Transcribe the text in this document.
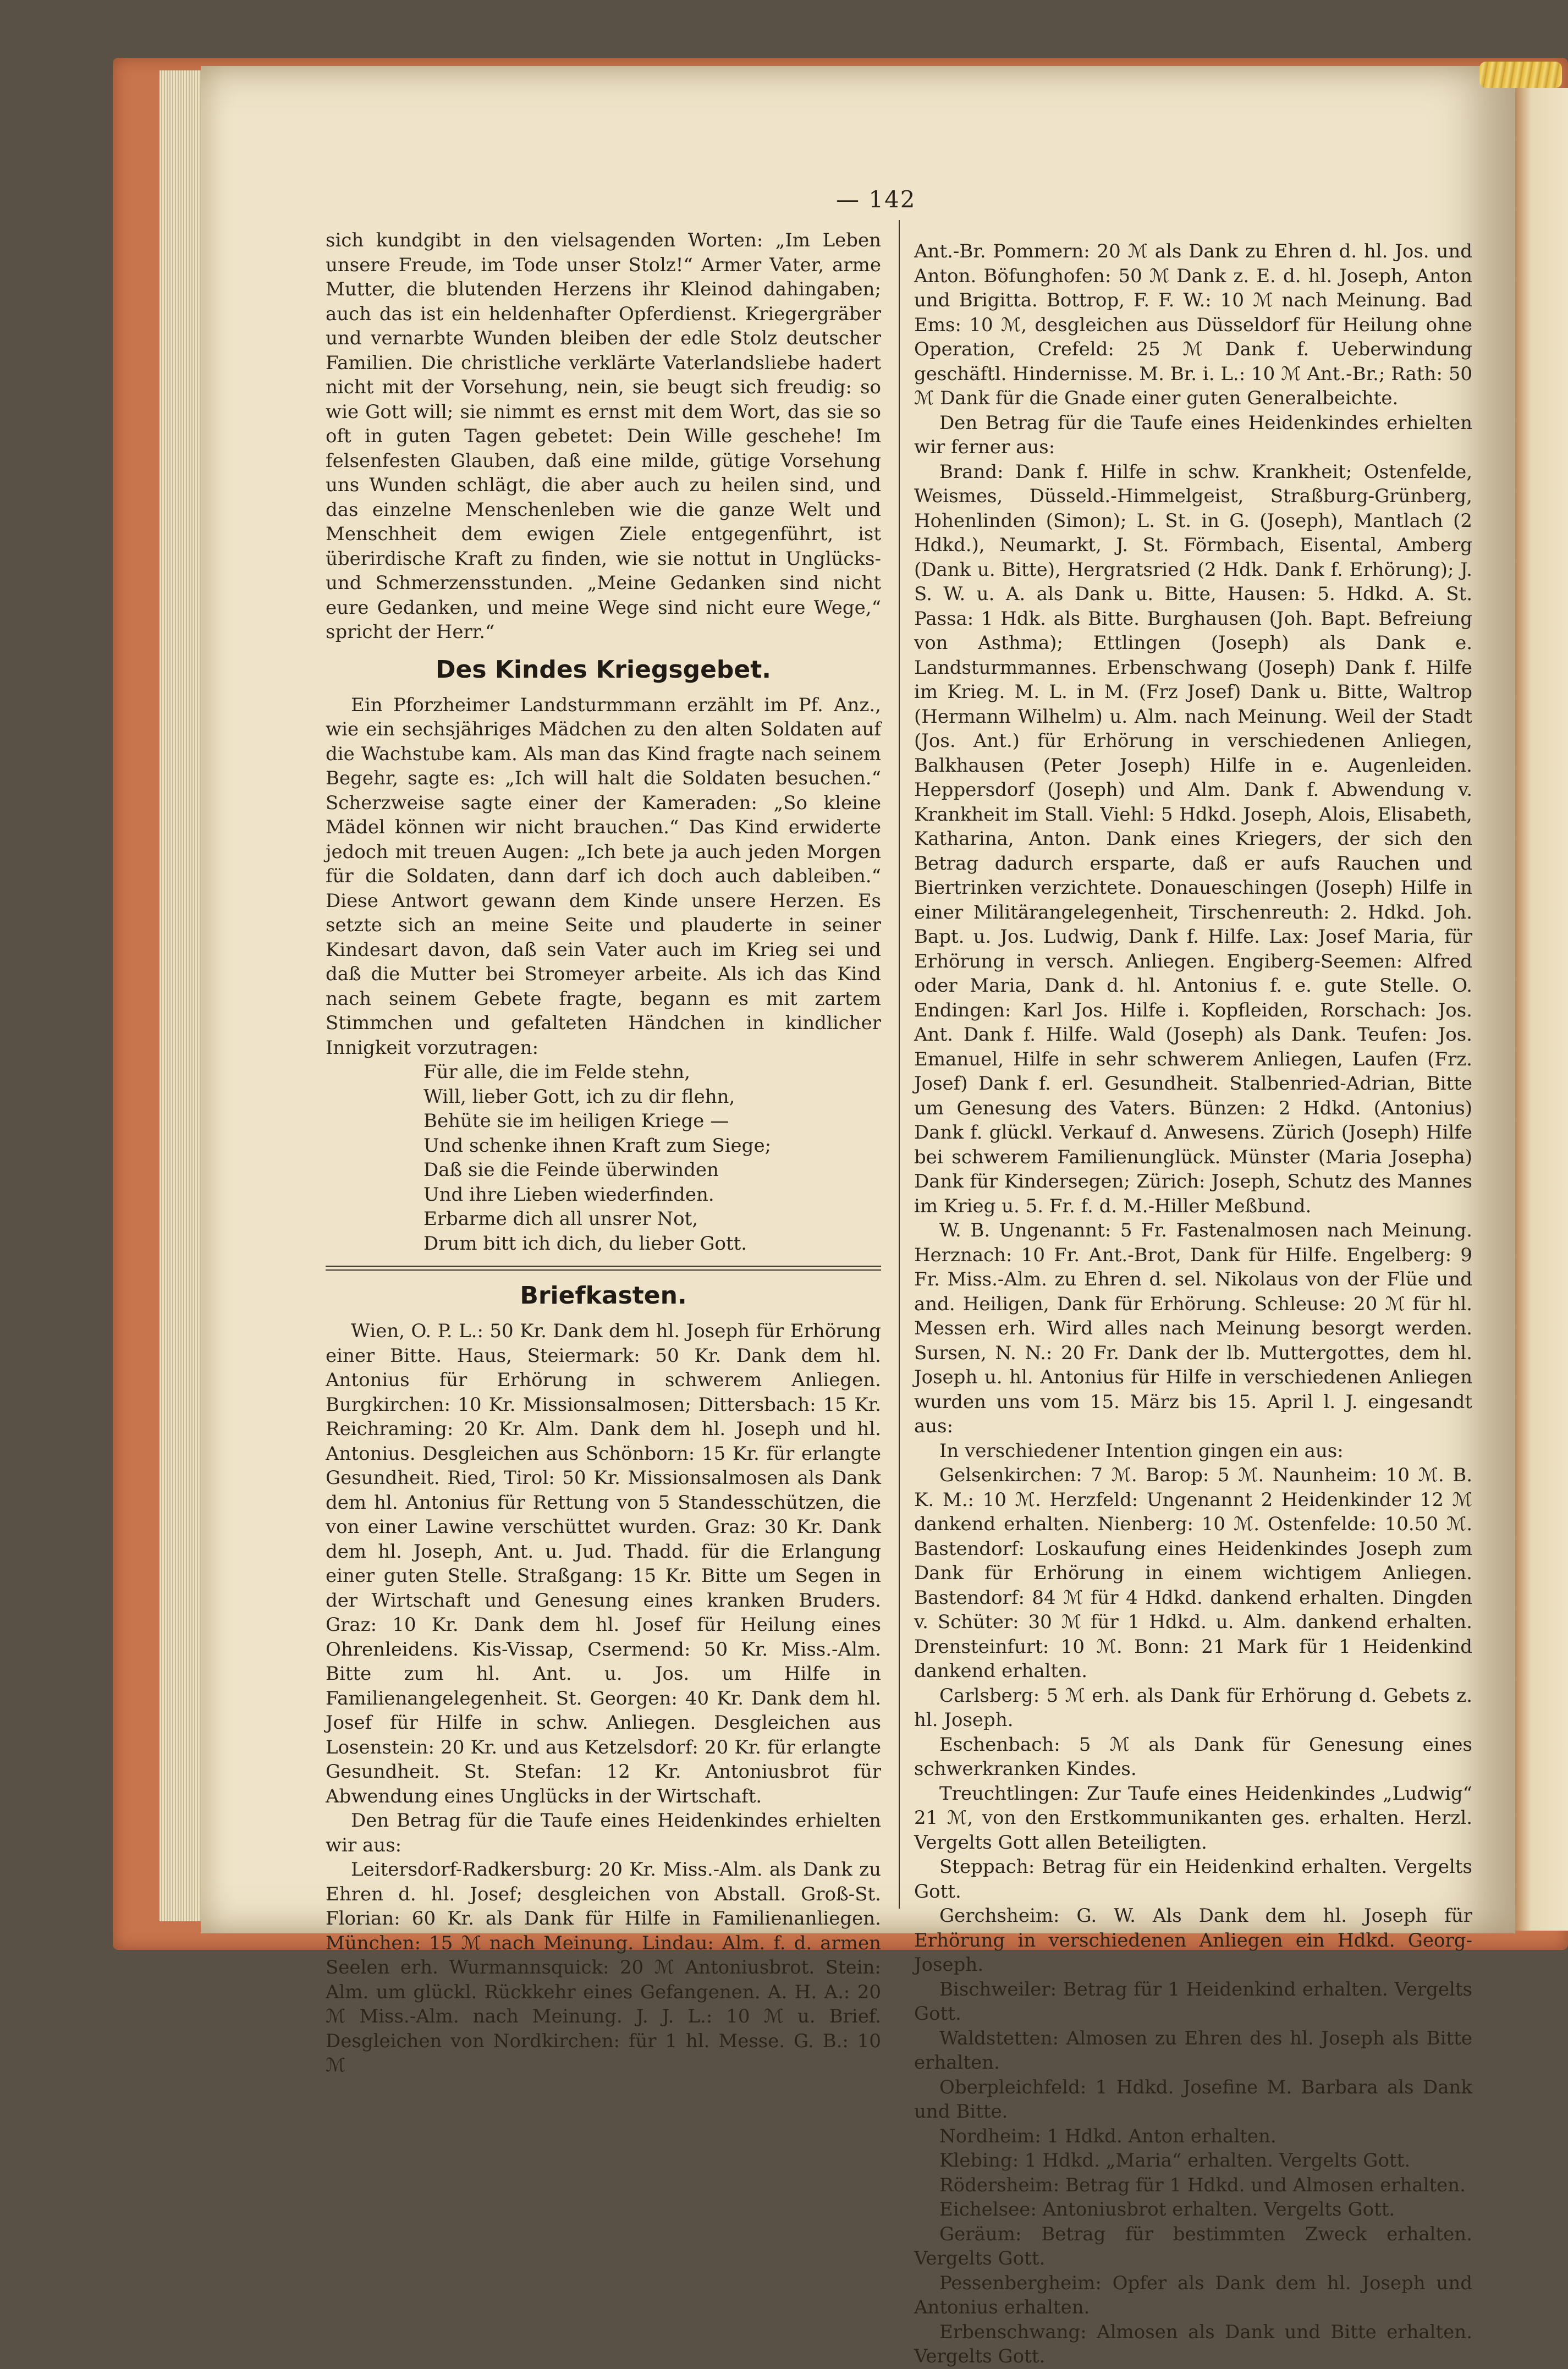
— 142

sich kundgibt in den vielsagenden Worten: „Im Leben unsere Freude, im Tode unser Stolz!“ Armer Vater, arme Mutter, die blutenden Herzens ihr Kleinod dahingaben; auch das ist ein heldenhafter Opferdienst. Kriegergräber und vernarbte Wunden bleiben der edle Stolz deutscher Familien. Die christliche verklärte Vaterlandsliebe hadert nicht mit der Vorsehung, nein, sie beugt sich freudig: so wie Gott will; sie nimmt es ernst mit dem Wort, das sie so oft in guten Tagen gebetet: Dein Wille geschehe! Im felsenfesten Glauben, daß eine milde, gütige Vorsehung uns Wunden schlägt, die aber auch zu heilen sind, und das einzelne Menschenleben wie die ganze Welt und Menschheit dem ewigen Ziele entgegenführt, ist überirdische Kraft zu finden, wie sie nottut in Unglücks- und Schmerzensstunden. „Meine Gedanken sind nicht eure Gedanken, und meine Wege sind nicht eure Wege,“ spricht der Herr.“

Des Kindes Kriegsgebet.

Ein Pforzheimer Landsturmmann erzählt im Pf. Anz., wie ein sechsjähriges Mädchen zu den alten Soldaten auf die Wachstube kam. Als man das Kind fragte nach seinem Begehr, sagte es: „Ich will halt die Soldaten besuchen.“ Scherzweise sagte einer der Kameraden: „So kleine Mädel können wir nicht brauchen.“ Das Kind erwiderte jedoch mit treuen Augen: „Ich bete ja auch jeden Morgen für die Soldaten, dann darf ich doch auch dableiben.“ Diese Antwort gewann dem Kinde unsere Herzen. Es setzte sich an meine Seite und plauderte in seiner Kindesart davon, daß sein Vater auch im Krieg sei und daß die Mutter bei Stromeyer arbeite. Als ich das Kind nach seinem Gebete fragte, begann es mit zartem Stimmchen und gefalteten Händchen in kindlicher Innigkeit vorzutragen:

Für alle, die im Felde stehn,
Will, lieber Gott, ich zu dir flehn,
Behüte sie im heiligen Kriege —
Und schenke ihnen Kraft zum Siege;
Daß sie die Feinde überwinden
Und ihre Lieben wiederfinden.
Erbarme dich all unsrer Not,
Drum bitt ich dich, du lieber Gott.
Briefkasten.

Wien, O. P. L.: 50 Kr. Dank dem hl. Joseph für Erhörung einer Bitte. Haus, Steiermark: 50 Kr. Dank dem hl. Antonius für Erhörung in schwerem Anliegen. Burgkirchen: 10 Kr. Missionsalmosen; Dittersbach: 15 Kr. Reichraming: 20 Kr. Alm. Dank dem hl. Joseph und hl. Antonius. Desgleichen aus Schönborn: 15 Kr. für erlangte Gesundheit. Ried, Tirol: 50 Kr. Missionsalmosen als Dank dem hl. Antonius für Rettung von 5 Standesschützen, die von einer Lawine verschüttet wurden. Graz: 30 Kr. Dank dem hl. Joseph, Ant. u. Jud. Thadd. für die Erlangung einer guten Stelle. Straßgang: 15 Kr. Bitte um Segen in der Wirtschaft und Genesung eines kranken Bruders. Graz: 10 Kr. Dank dem hl. Josef für Heilung eines Ohrenleidens. Kis-Vissap, Csermend: 50 Kr. Miss.-Alm. Bitte zum hl. Ant. u. Jos. um Hilfe in Familienangelegenheit. St. Georgen: 40 Kr. Dank dem hl. Josef für Hilfe in schw. Anliegen. Desgleichen aus Losenstein: 20 Kr. und aus Ketzelsdorf: 20 Kr. für erlangte Gesundheit. St. Stefan: 12 Kr. Antoniusbrot für Abwendung eines Unglücks in der Wirtschaft.

Den Betrag für die Taufe eines Heidenkindes erhielten wir aus:

Leitersdorf-Radkersburg: 20 Kr. Miss.-Alm. als Dank zu Ehren d. hl. Josef; desgleichen von Abstall. Groß-St. Florian: 60 Kr. als Dank für Hilfe in Familienanliegen. München: 15 ℳ nach Meinung. Lindau: Alm. f. d. armen Seelen erh. Wurmannsquick: 20 ℳ Antoniusbrot. Stein: Alm. um glückl. Rückkehr eines Gefangenen. A. H. A.: 20 ℳ Miss.-Alm. nach Meinung. J. J. L.: 10 ℳ u. Brief. Desgleichen von Nordkirchen: für 1 hl. Messe. G. B.: 10 ℳ

Ant.-Br. Pommern: 20 ℳ als Dank zu Ehren d. hl. Jos. und Anton. Böfunghofen: 50 ℳ Dank z. E. d. hl. Joseph, Anton und Brigitta. Bottrop, F. F. W.: 10 ℳ nach Meinung. Bad Ems: 10 ℳ, desgleichen aus Düsseldorf für Heilung ohne Operation, Crefeld: 25 ℳ Dank f. Ueberwindung geschäftl. Hindernisse. M. Br. i. L.: 10 ℳ Ant.-Br.; Rath: 50 ℳ Dank für die Gnade einer guten Generalbeichte.

Den Betrag für die Taufe eines Heidenkindes erhielten wir ferner aus:

Brand: Dank f. Hilfe in schw. Krankheit; Ostenfelde, Weismes, Düsseld.-Himmelgeist, Straßburg-Grünberg, Hohenlinden (Simon); L. St. in G. (Joseph), Mantlach (2 Hdkd.), Neumarkt, J. St. Förmbach, Eisental, Amberg (Dank u. Bitte), Hergratsried (2 Hdk. Dank f. Erhörung); J. S. W. u. A. als Dank u. Bitte, Hausen: 5. Hdkd. A. St. Passa: 1 Hdk. als Bitte. Burghausen (Joh. Bapt. Befreiung von Asthma); Ettlingen (Joseph) als Dank e. Landsturmmannes. Erbenschwang (Joseph) Dank f. Hilfe im Krieg. M. L. in M. (Frz Josef) Dank u. Bitte, Waltrop (Hermann Wilhelm) u. Alm. nach Meinung. Weil der Stadt (Jos. Ant.) für Erhörung in verschiedenen Anliegen, Balkhausen (Peter Joseph) Hilfe in e. Augenleiden. Heppersdorf (Joseph) und Alm. Dank f. Abwendung v. Krankheit im Stall. Viehl: 5 Hdkd. Joseph, Alois, Elisabeth, Katharina, Anton. Dank eines Kriegers, der sich den Betrag dadurch ersparte, daß er aufs Rauchen und Biertrinken verzichtete. Donaueschingen (Joseph) Hilfe in einer Militärangelegenheit, Tirschenreuth: 2. Hdkd. Joh. Bapt. u. Jos. Ludwig, Dank f. Hilfe. Lax: Josef Maria, für Erhörung in versch. Anliegen. Engiberg-Seemen: Alfred oder Maria, Dank d. hl. Antonius f. e. gute Stelle. O. Endingen: Karl Jos. Hilfe i. Kopfleiden, Rorschach: Jos. Ant. Dank f. Hilfe. Wald (Joseph) als Dank. Teufen: Jos. Emanuel, Hilfe in sehr schwerem Anliegen, Laufen (Frz. Josef) Dank f. erl. Gesundheit. Stalbenried-Adrian, Bitte um Genesung des Vaters. Bünzen: 2 Hdkd. (Antonius) Dank f. glückl. Verkauf d. Anwesens. Zürich (Joseph) Hilfe bei schwerem Familienunglück. Münster (Maria Josepha) Dank für Kindersegen; Zürich: Joseph, Schutz des Mannes im Krieg u. 5. Fr. f. d. M.-Hiller Meßbund.

W. B. Ungenannt: 5 Fr. Fastenalmosen nach Meinung. Herznach: 10 Fr. Ant.-Brot, Dank für Hilfe. Engelberg: 9 Fr. Miss.-Alm. zu Ehren d. sel. Nikolaus von der Flüe und and. Heiligen, Dank für Erhörung. Schleuse: 20 ℳ für hl. Messen erh. Wird alles nach Meinung besorgt werden. Sursen, N. N.: 20 Fr. Dank der lb. Muttergottes, dem hl. Joseph u. hl. Antonius für Hilfe in verschiedenen Anliegen wurden uns vom 15. März bis 15. April l. J. eingesandt aus:

In verschiedener Intention gingen ein aus:

Gelsenkirchen: 7 ℳ. Barop: 5 ℳ. Naunheim: 10 ℳ. B. K. M.: 10 ℳ. Herzfeld: Ungenannt 2 Heidenkinder 12 ℳ dankend erhalten. Nienberg: 10 ℳ. Ostenfelde: 10.50 ℳ. Bastendorf: Loskaufung eines Heidenkindes Joseph zum Dank für Erhörung in einem wichtigem Anliegen. Bastendorf: 84 ℳ für 4 Hdkd. dankend erhalten. Dingden v. Schüter: 30 ℳ für 1 Hdkd. u. Alm. dankend erhalten. Drensteinfurt: 10 ℳ. Bonn: 21 Mark für 1 Heidenkind dankend erhalten.

Carlsberg: 5 ℳ erh. als Dank für Erhörung d. Gebets z. hl. Joseph.

Eschenbach: 5 ℳ als Dank für Genesung eines schwerkranken Kindes.

Treuchtlingen: Zur Taufe eines Heidenkindes „Ludwig“ 21 ℳ, von den Erstkommunikanten ges. erhalten. Herzl. Vergelts Gott allen Beteiligten.

Steppach: Betrag für ein Heidenkind erhalten. Vergelts Gott.

Gerchsheim: G. W. Als Dank dem hl. Joseph für Erhörung in verschiedenen Anliegen ein Hdkd. Georg-Joseph.

Bischweiler: Betrag für 1 Heidenkind erhalten. Vergelts Gott.

Waldstetten: Almosen zu Ehren des hl. Joseph als Bitte erhalten.

Oberpleichfeld: 1 Hdkd. Josefine M. Barbara als Dank und Bitte.

Nordheim: 1 Hdkd. Anton erhalten.

Klebing: 1 Hdkd. „Maria“ erhalten. Vergelts Gott.

Rödersheim: Betrag für 1 Hdkd. und Almosen erhalten.

Eichelsee: Antoniusbrot erhalten. Vergelts Gott.

Geräum: Betrag für bestimmten Zweck erhalten. Vergelts Gott.

Pessenbergheim: Opfer als Dank dem hl. Joseph und Antonius erhalten.

Erbenschwang: Almosen als Dank und Bitte erhalten. Vergelts Gott.
